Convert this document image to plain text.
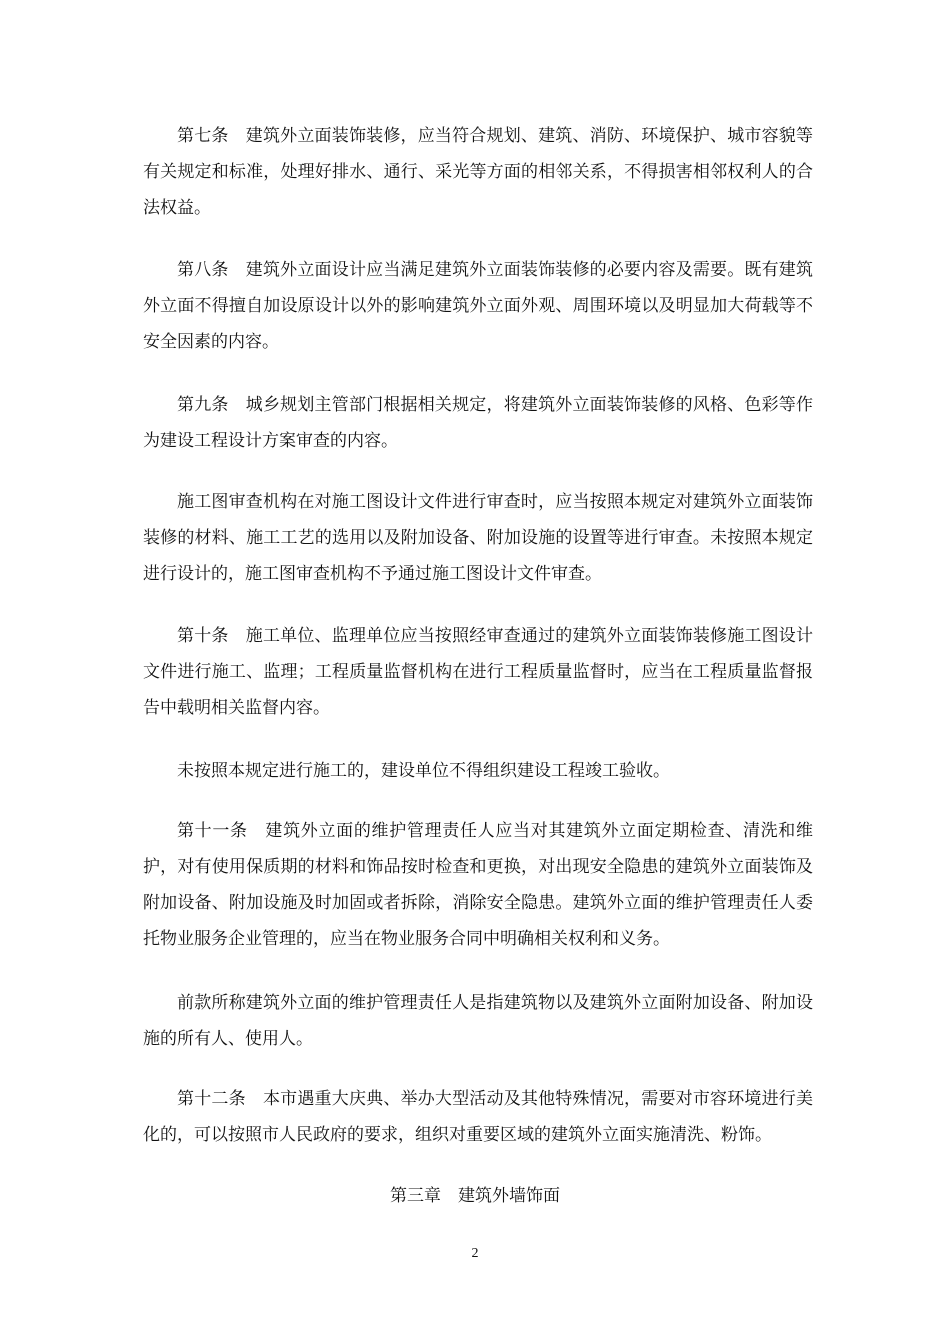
第七条　建筑外立面装饰装修，应当符合规划、建筑、消防、环境保护、城市容貌等有关规定和标准，处理好排水、通行、采光等方面的相邻关系，不得损害相邻权利人的合法权益。

第八条　建筑外立面设计应当满足建筑外立面装饰装修的必要内容及需要。既有建筑外立面不得擅自加设原设计以外的影响建筑外立面外观、周围环境以及明显加大荷载等不安全因素的内容。

第九条　城乡规划主管部门根据相关规定，将建筑外立面装饰装修的风格、色彩等作为建设工程设计方案审查的内容。

施工图审查机构在对施工图设计文件进行审查时，应当按照本规定对建筑外立面装饰装修的材料、施工工艺的选用以及附加设备、附加设施的设置等进行审查。未按照本规定进行设计的，施工图审查机构不予通过施工图设计文件审查。

第十条　施工单位、监理单位应当按照经审查通过的建筑外立面装饰装修施工图设计文件进行施工、监理；工程质量监督机构在进行工程质量监督时，应当在工程质量监督报告中载明相关监督内容。

未按照本规定进行施工的，建设单位不得组织建设工程竣工验收。

第十一条　建筑外立面的维护管理责任人应当对其建筑外立面定期检查、清洗和维护，对有使用保质期的材料和饰品按时检查和更换，对出现安全隐患的建筑外立面装饰及附加设备、附加设施及时加固或者拆除，消除安全隐患。建筑外立面的维护管理责任人委托物业服务企业管理的，应当在物业服务合同中明确相关权利和义务。

前款所称建筑外立面的维护管理责任人是指建筑物以及建筑外立面附加设备、附加设施的所有人、使用人。

第十二条　本市遇重大庆典、举办大型活动及其他特殊情况，需要对市容环境进行美化的，可以按照市人民政府的要求，组织对重要区域的建筑外立面实施清洗、粉饰。

第三章　建筑外墙饰面
2
